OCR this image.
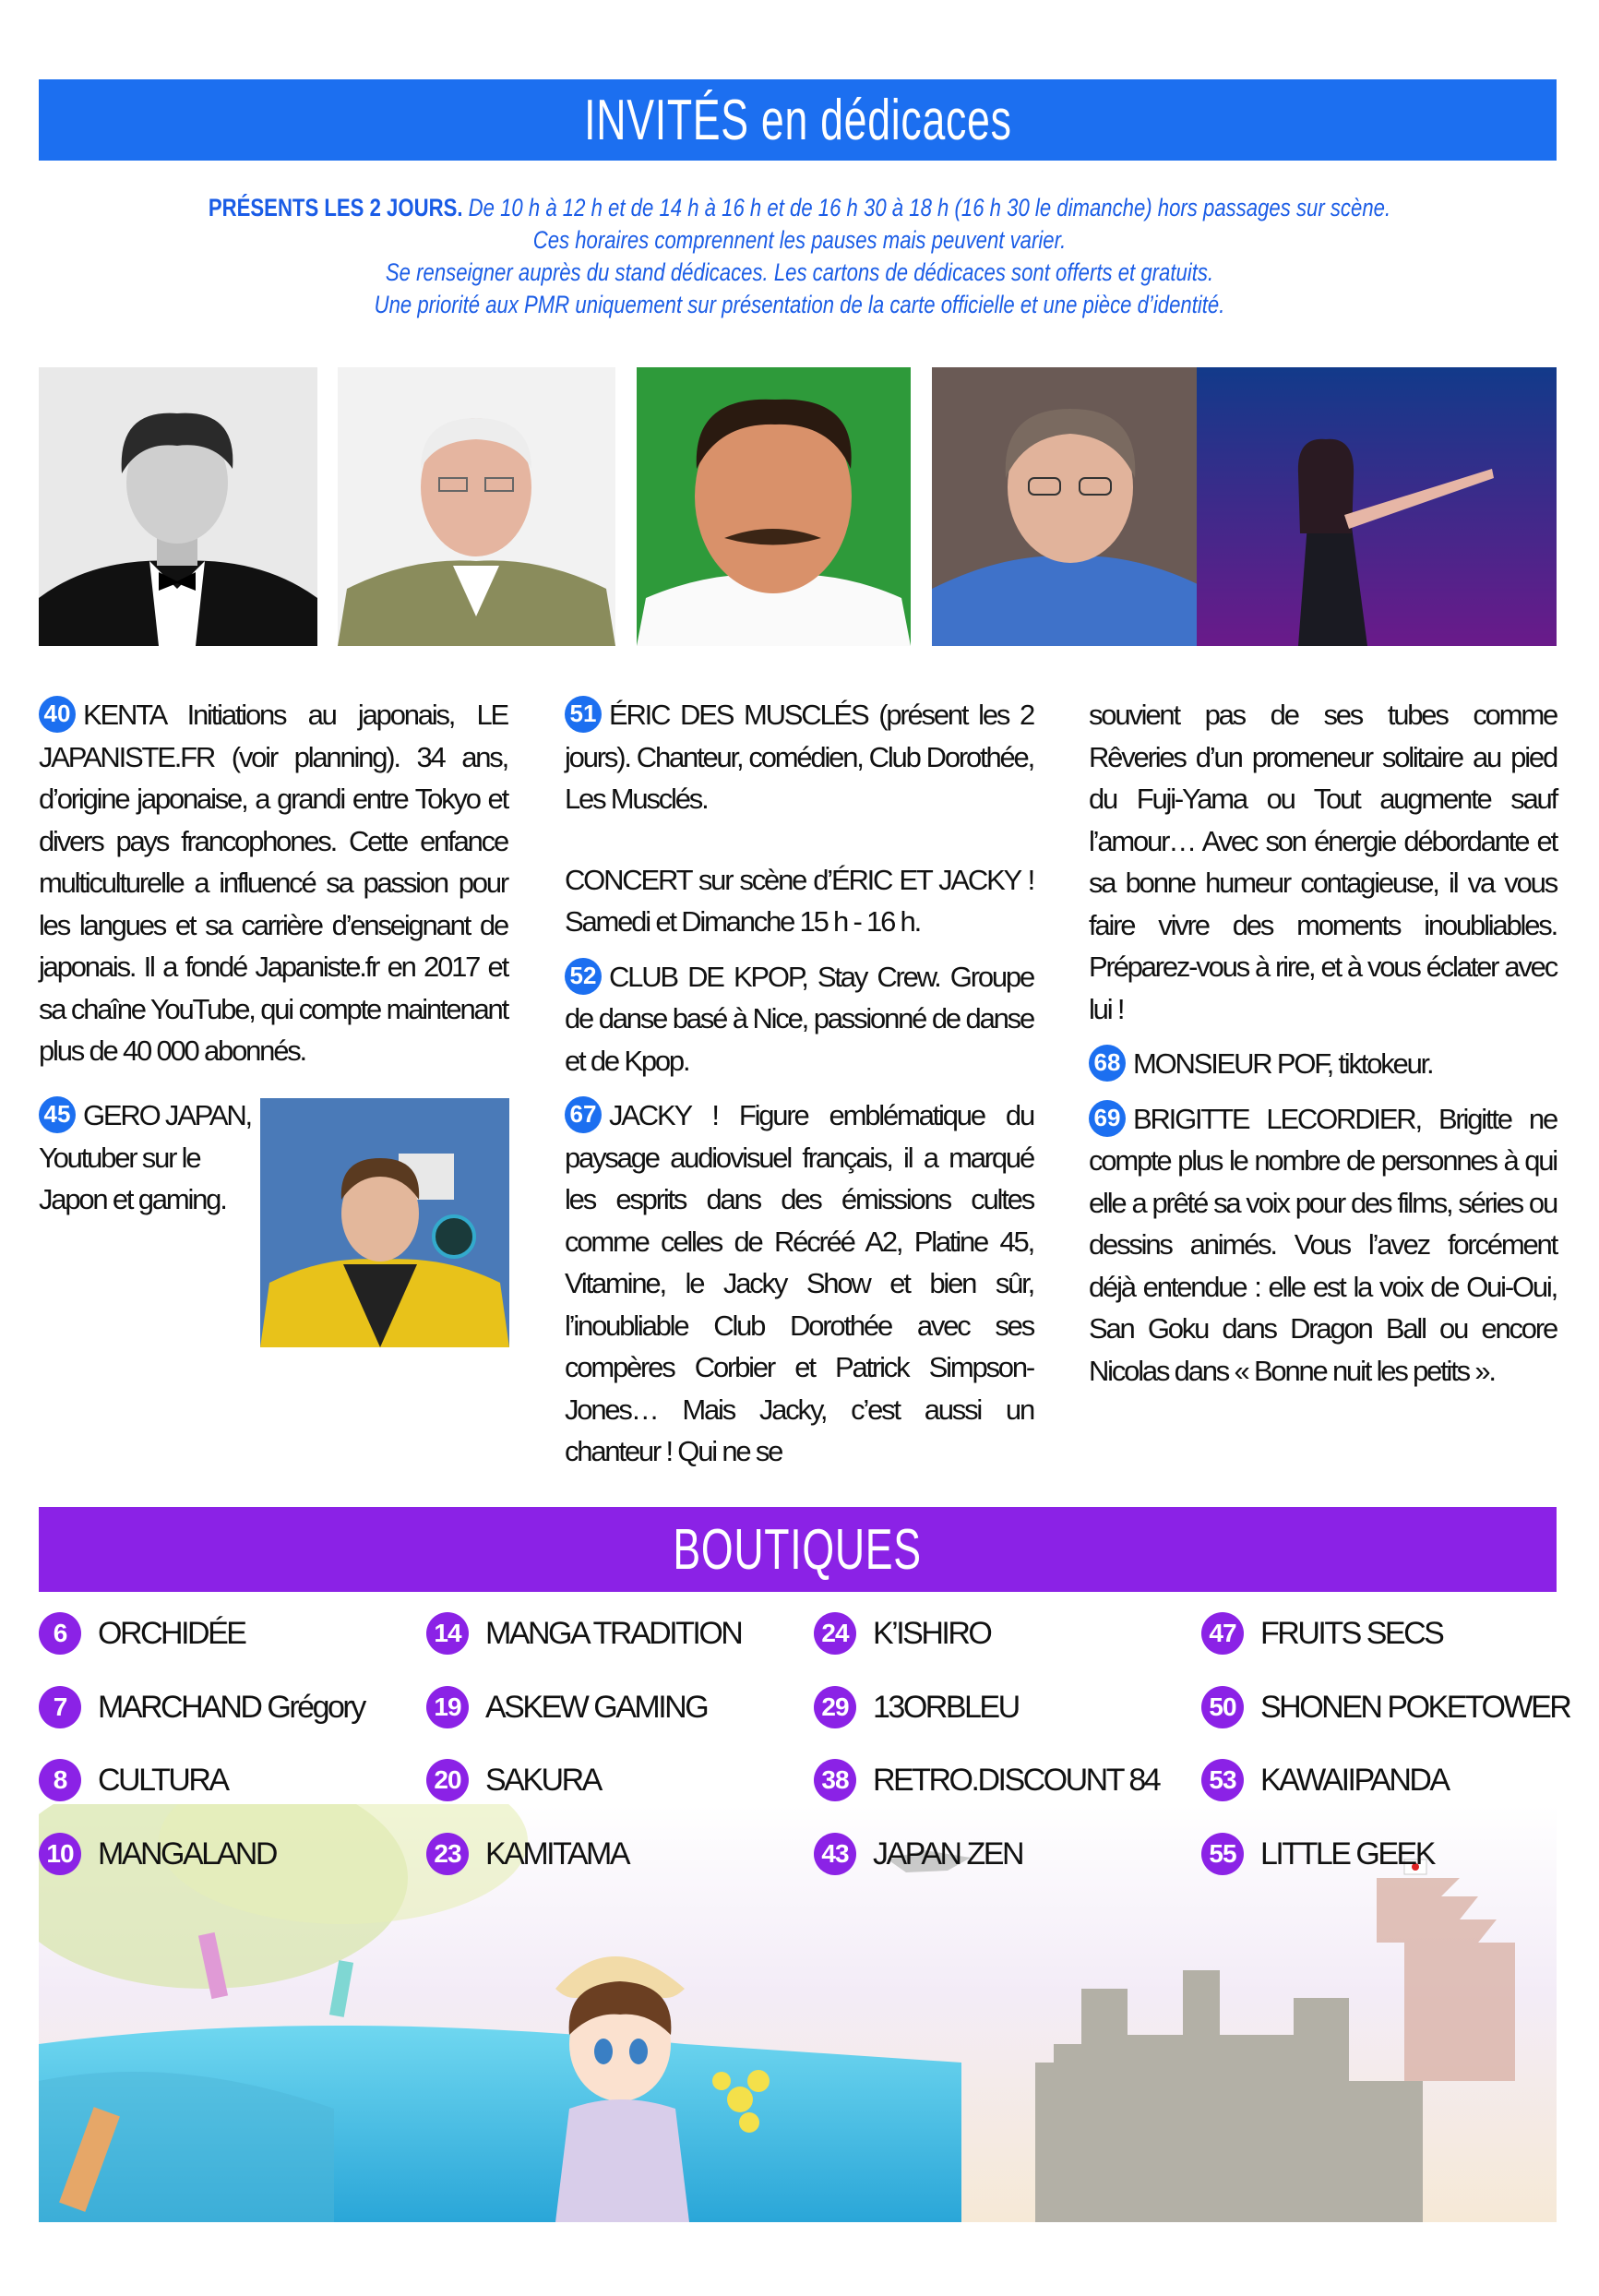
INVITÉS en dédicaces
PRÉSENTS LES 2 JOURS. De 10 h à 12 h et de 14 h à 16 h et de 16 h 30 à 18 h (16 h 30 le dimanche) hors passages sur scène.
Ces horaires comprennent les pauses mais peuvent varier.
Se renseigner auprès du stand dédicaces. Les cartons de dédicaces sont offerts et gratuits.
Une priorité aux PMR uniquement sur présentation de la carte officielle et une pièce d’identité.

40 KENTA Initiations au japonais, LE JAPANISTE.FR (voir planning). 34 ans, d’origine japonaise, a grandi entre Tokyo et divers pays francophones. Cette enfance multiculturelle a influencé sa passion pour les langues et sa carrière d’enseignant de japonais. Il a fondé Japaniste.fr en 2017 et sa chaîne YouTube, qui compte maintenant plus de 40 000 abonnés.

45 GERO JAPAN, Youtuber sur le Japon et gaming.

51 ÉRIC DES MUSCLÉS (présent les 2 jours). Chanteur, comédien, Club Dorothée, Les Musclés.

CONCERT sur scène d’ÉRIC ET JACKY ! Samedi et Dimanche 15 h - 16 h.

52 CLUB DE KPOP, Stay Crew. Groupe de danse basé à Nice, passionné de danse et de Kpop.

67 JACKY ! Figure emblématique du paysage audiovisuel français, il a marqué les esprits dans des émissions cultes comme celles de Récréé A2, Platine 45, Vitamine, le Jacky Show et bien sûr, l’inoubliable Club Dorothée avec ses compères Corbier et Patrick Simpson-Jones… Mais Jacky, c’est aussi un chanteur ! Qui ne se

souvient pas de ses tubes comme Rêveries d’un promeneur solitaire au pied du Fuji-Yama ou Tout augmente sauf l’amour… Avec son énergie débordante et sa bonne humeur contagieuse, il va vous faire vivre des moments inoubliables. Préparez-vous à rire, et à vous éclater avec lui !

68 MONSIEUR POF, tiktokeur.

69 BRIGITTE LECORDIER, Brigitte ne compte plus le nombre de personnes à qui elle a prêté sa voix pour des films, séries ou dessins animés. Vous l’avez forcément déjà entendue : elle est la voix de Oui-Oui, San Goku dans Dragon Ball ou encore Nicolas dans « Bonne nuit les petits ».

BOUTIQUES
6 ORCHIDÉE
7 MARCHAND Grégory
8 CULTURA
10 MANGALAND
14 MANGA TRADITION
19 ASKEW GAMING
20 SAKURA
23 KAMITAMA
24 K’ISHIRO
29 13ORBLEU
38 RETRO.DISCOUNT 84
43 JAPAN ZEN
47 FRUITS SECS
50 SHONEN POKETOWER
53 KAWAIIPANDA
55 LITTLE GEEK
